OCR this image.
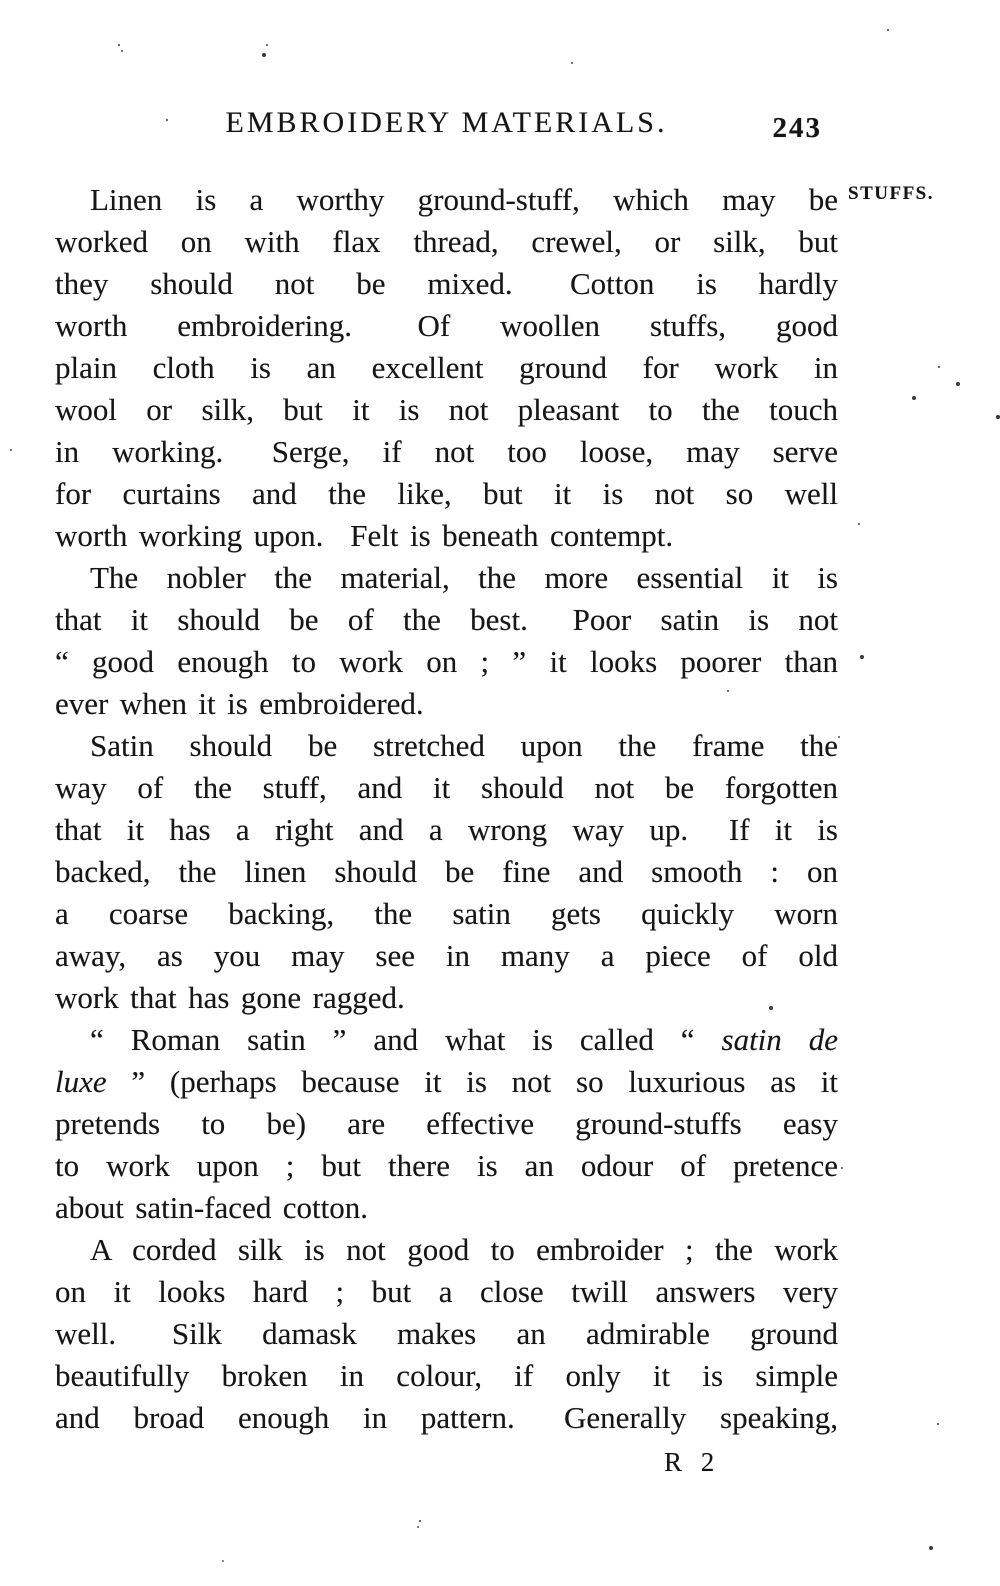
EMBROIDERY MATERIALS.	243
STUFFS.
Linen is a worthy ground-stuff, which may be
worked on with flax thread, crewel, or silk, but
they should not be mixed.  Cotton is hardly
worth embroidering.  Of woollen stuffs, good
plain cloth is an excellent ground for work in
wool or silk, but it is not pleasant to the touch
in working.  Serge, if not too loose, may serve
for curtains and the like, but it is not so well
worth working upon.  Felt is beneath contempt.
The nobler the material, the more essential it is
that it should be of the best.  Poor satin is not
“ good enough to work on ; ” it looks poorer than
ever when it is embroidered.
Satin should be stretched upon the frame the
way of the stuff, and it should not be forgotten
that it has a right and a wrong way up.  If it is
backed, the linen should be fine and smooth : on
a coarse backing, the satin gets quickly worn
away, as you may see in many a piece of old
work that has gone ragged.
“ Roman satin ” and what is called “ satin de
luxe ” (perhaps because it is not so luxurious as it
pretends to be) are effective ground-stuffs easy
to work upon ; but there is an odour of pretence
about satin-faced cotton.
A corded silk is not good to embroider ; the work
on it looks hard ; but a close twill answers very
well.  Silk damask makes an admirable ground
beautifully broken in colour, if only it is simple
and broad enough in pattern.  Generally speaking,
R 2
